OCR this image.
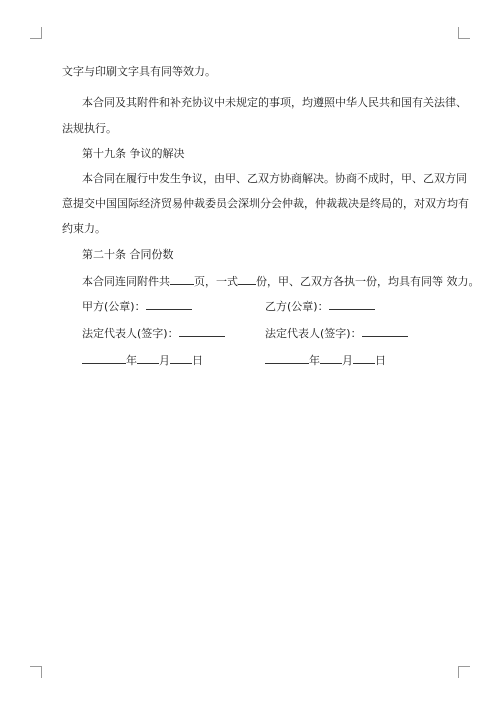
文字与印刷文字具有同等效力。
本合同及其附件和补充协议中未规定的事项，均遵照中华人民共和国有关法律、
法规执行。
第十九条 争议的解决
本合同在履行中发生争议，由甲、乙双方协商解决。协商不成时，甲、乙双方同
意提交中国国际经济贸易仲裁委员会深圳分会仲裁，仲裁裁决是终局的，对双方均有
约束力。
第二十条 合同份数
本合同连同附件共 页，一式 份，甲、乙双方各执一份，均具有同等 效力。
甲方(公章)：	乙方(公章)：
法定代表人(签字)：	法定代表人(签字)：
年 月 日	年 月 日
